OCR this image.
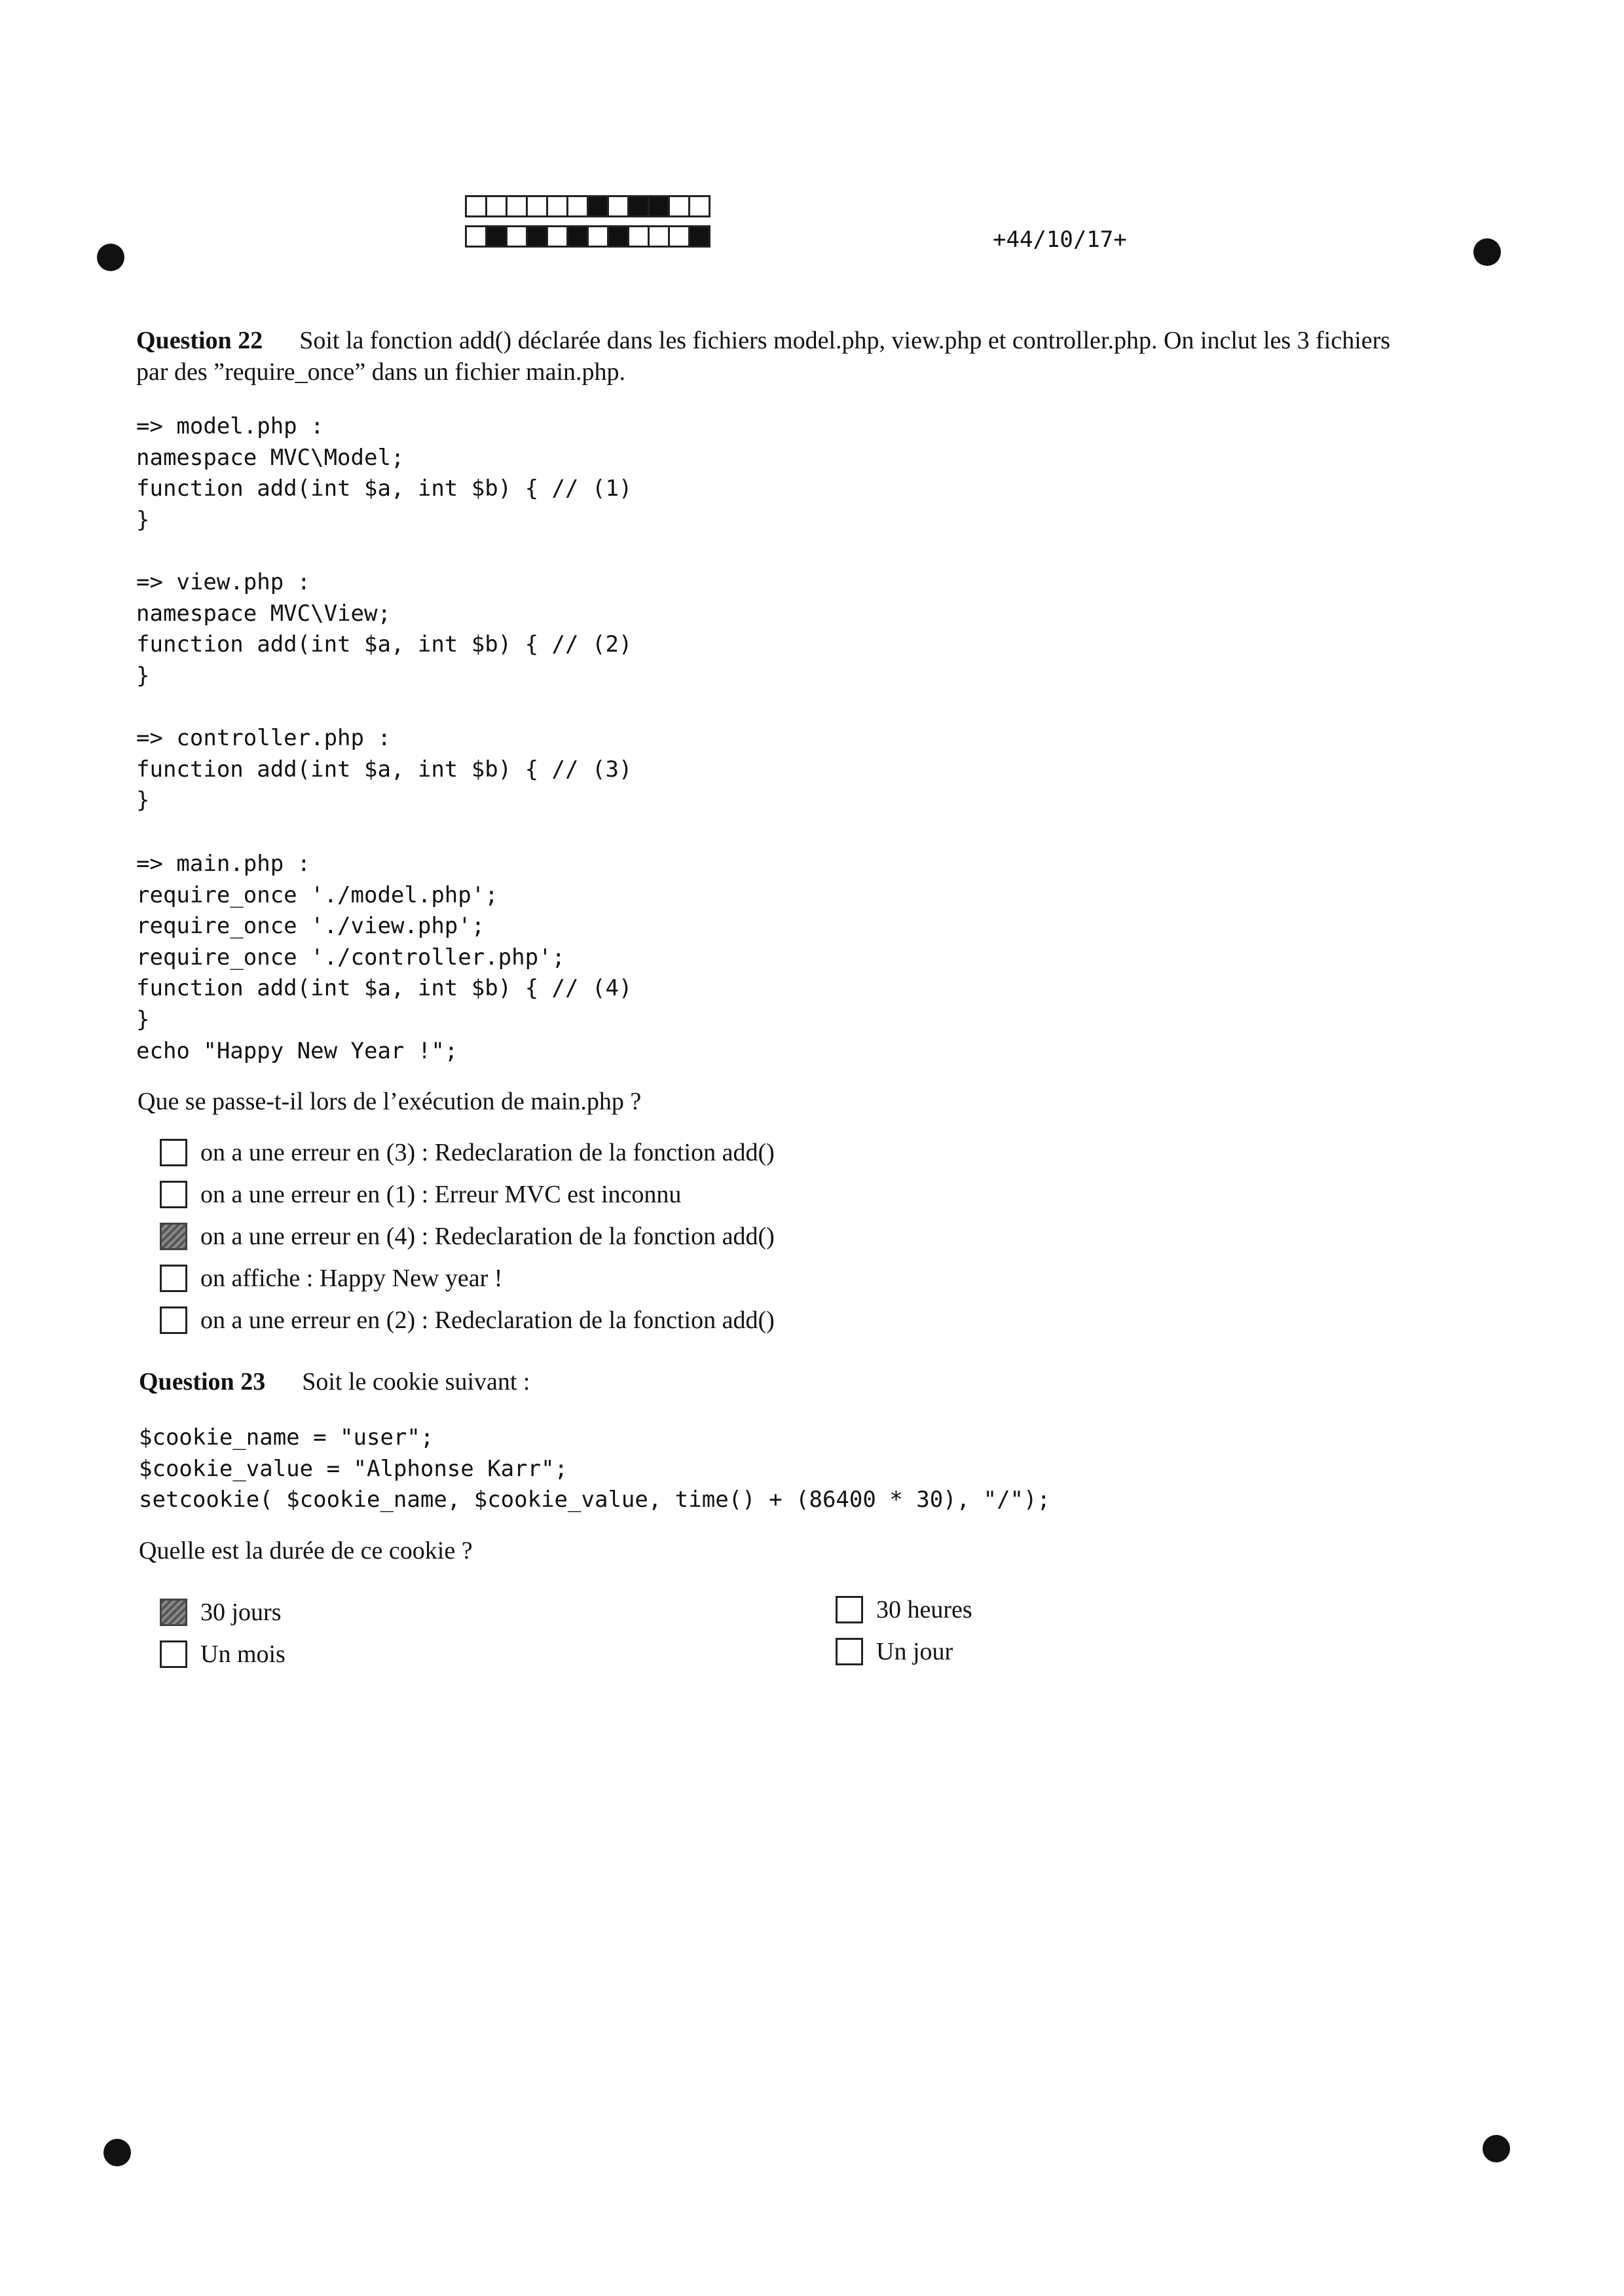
+44/10/17+
Question 22 Soit la fonction add() déclarée dans les fichiers model.php, view.php et controller.php. On inclut les 3 fichiers
par des ”require_once” dans un fichier main.php.
=> model.php :
namespace MVC\Model;
function add(int $a, int $b) { // (1)
}
=> view.php :
namespace MVC\View;
function add(int $a, int $b) { // (2)
}
=> controller.php :
function add(int $a, int $b) { // (3)
}
=> main.php :
require_once './model.php';
require_once './view.php';
require_once './controller.php';
function add(int $a, int $b) { // (4)
}
echo "Happy New Year !";
Que se passe-t-il lors de l’exécution de main.php ?
on a une erreur en (3) : Redeclaration de la fonction add()
on a une erreur en (1) : Erreur MVC est inconnu
on a une erreur en (4) : Redeclaration de la fonction add()
on affiche : Happy New year !
on a une erreur en (2) : Redeclaration de la fonction add()
Question 23 Soit le cookie suivant :
$cookie_name = "user";
$cookie_value = "Alphonse Karr";
setcookie( $cookie_name, $cookie_value, time() + (86400 * 30), "/");
Quelle est la durée de ce cookie ?
30 jours
Un mois
30 heures
Un jour
